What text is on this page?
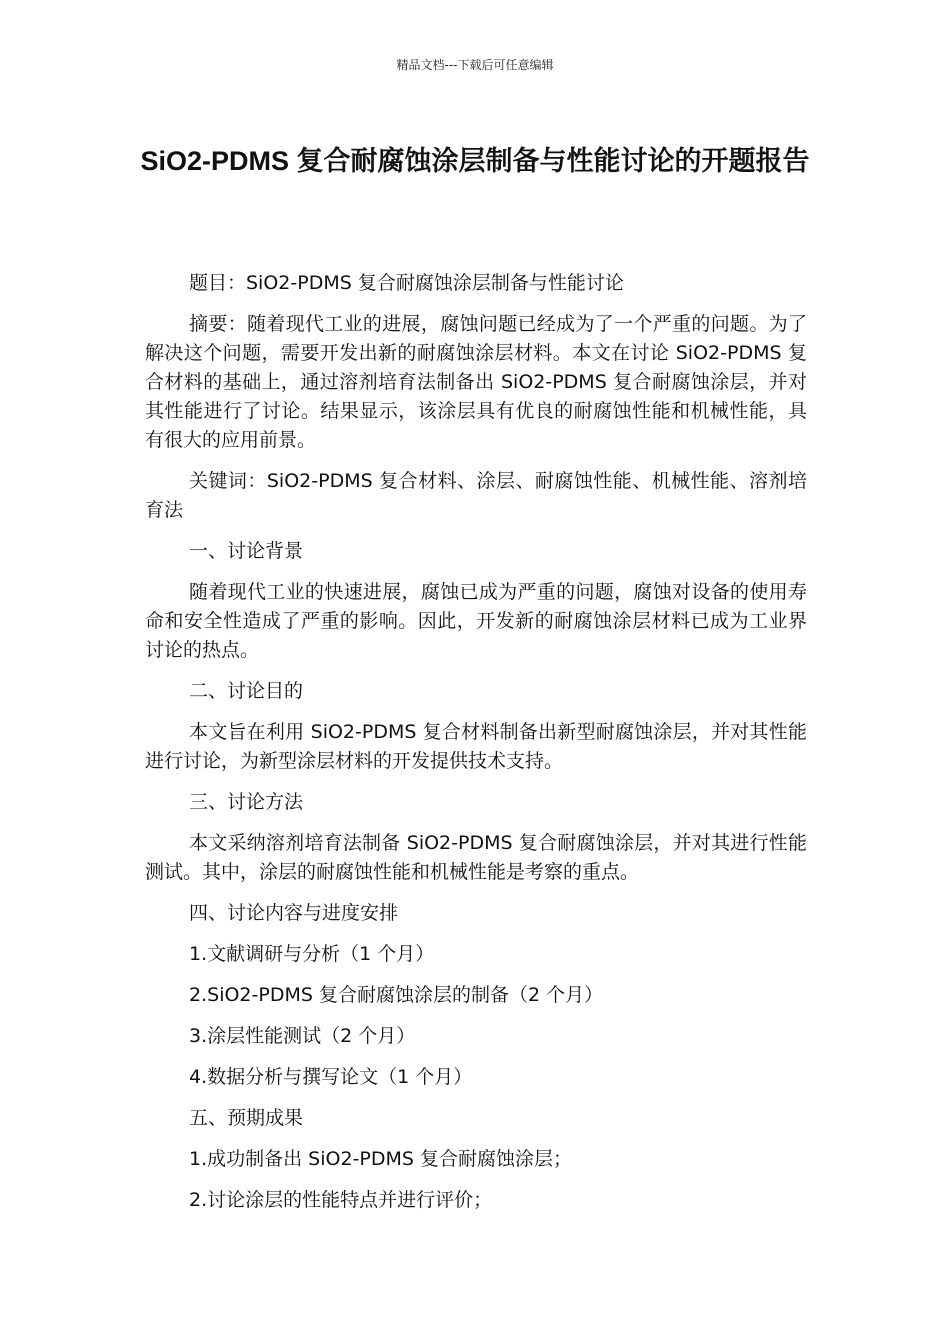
精品文档---下载后可任意编辑
SiO2-PDMS 复合耐腐蚀涂层制备与性能讨论的开题报告

题目：SiO2-PDMS 复合耐腐蚀涂层制备与性能讨论

摘要：随着现代工业的进展，腐蚀问题已经成为了一个严重的问题。为了解决这个问题，需要开发出新的耐腐蚀涂层材料。本文在讨论 SiO2-PDMS 复合材料的基础上，通过溶剂培育法制备出 SiO2-PDMS 复合耐腐蚀涂层，并对其性能进行了讨论。结果显示，该涂层具有优良的耐腐蚀性能和机械性能，具有很大的应用前景。

关键词：SiO2-PDMS 复合材料、涂层、耐腐蚀性能、机械性能、溶剂培育法

一、讨论背景

随着现代工业的快速进展，腐蚀已成为严重的问题，腐蚀对设备的使用寿命和安全性造成了严重的影响。因此，开发新的耐腐蚀涂层材料已成为工业界讨论的热点。

二、讨论目的

本文旨在利用 SiO2-PDMS 复合材料制备出新型耐腐蚀涂层，并对其性能进行讨论，为新型涂层材料的开发提供技术支持。

三、讨论方法

本文采纳溶剂培育法制备 SiO2-PDMS 复合耐腐蚀涂层，并对其进行性能测试。其中，涂层的耐腐蚀性能和机械性能是考察的重点。

四、讨论内容与进度安排

1.文献调研与分析（1 个月）

2.SiO2-PDMS 复合耐腐蚀涂层的制备（2 个月）

3.涂层性能测试（2 个月）

4.数据分析与撰写论文（1 个月）

五、预期成果

1.成功制备出 SiO2-PDMS 复合耐腐蚀涂层；

2.讨论涂层的性能特点并进行评价；
